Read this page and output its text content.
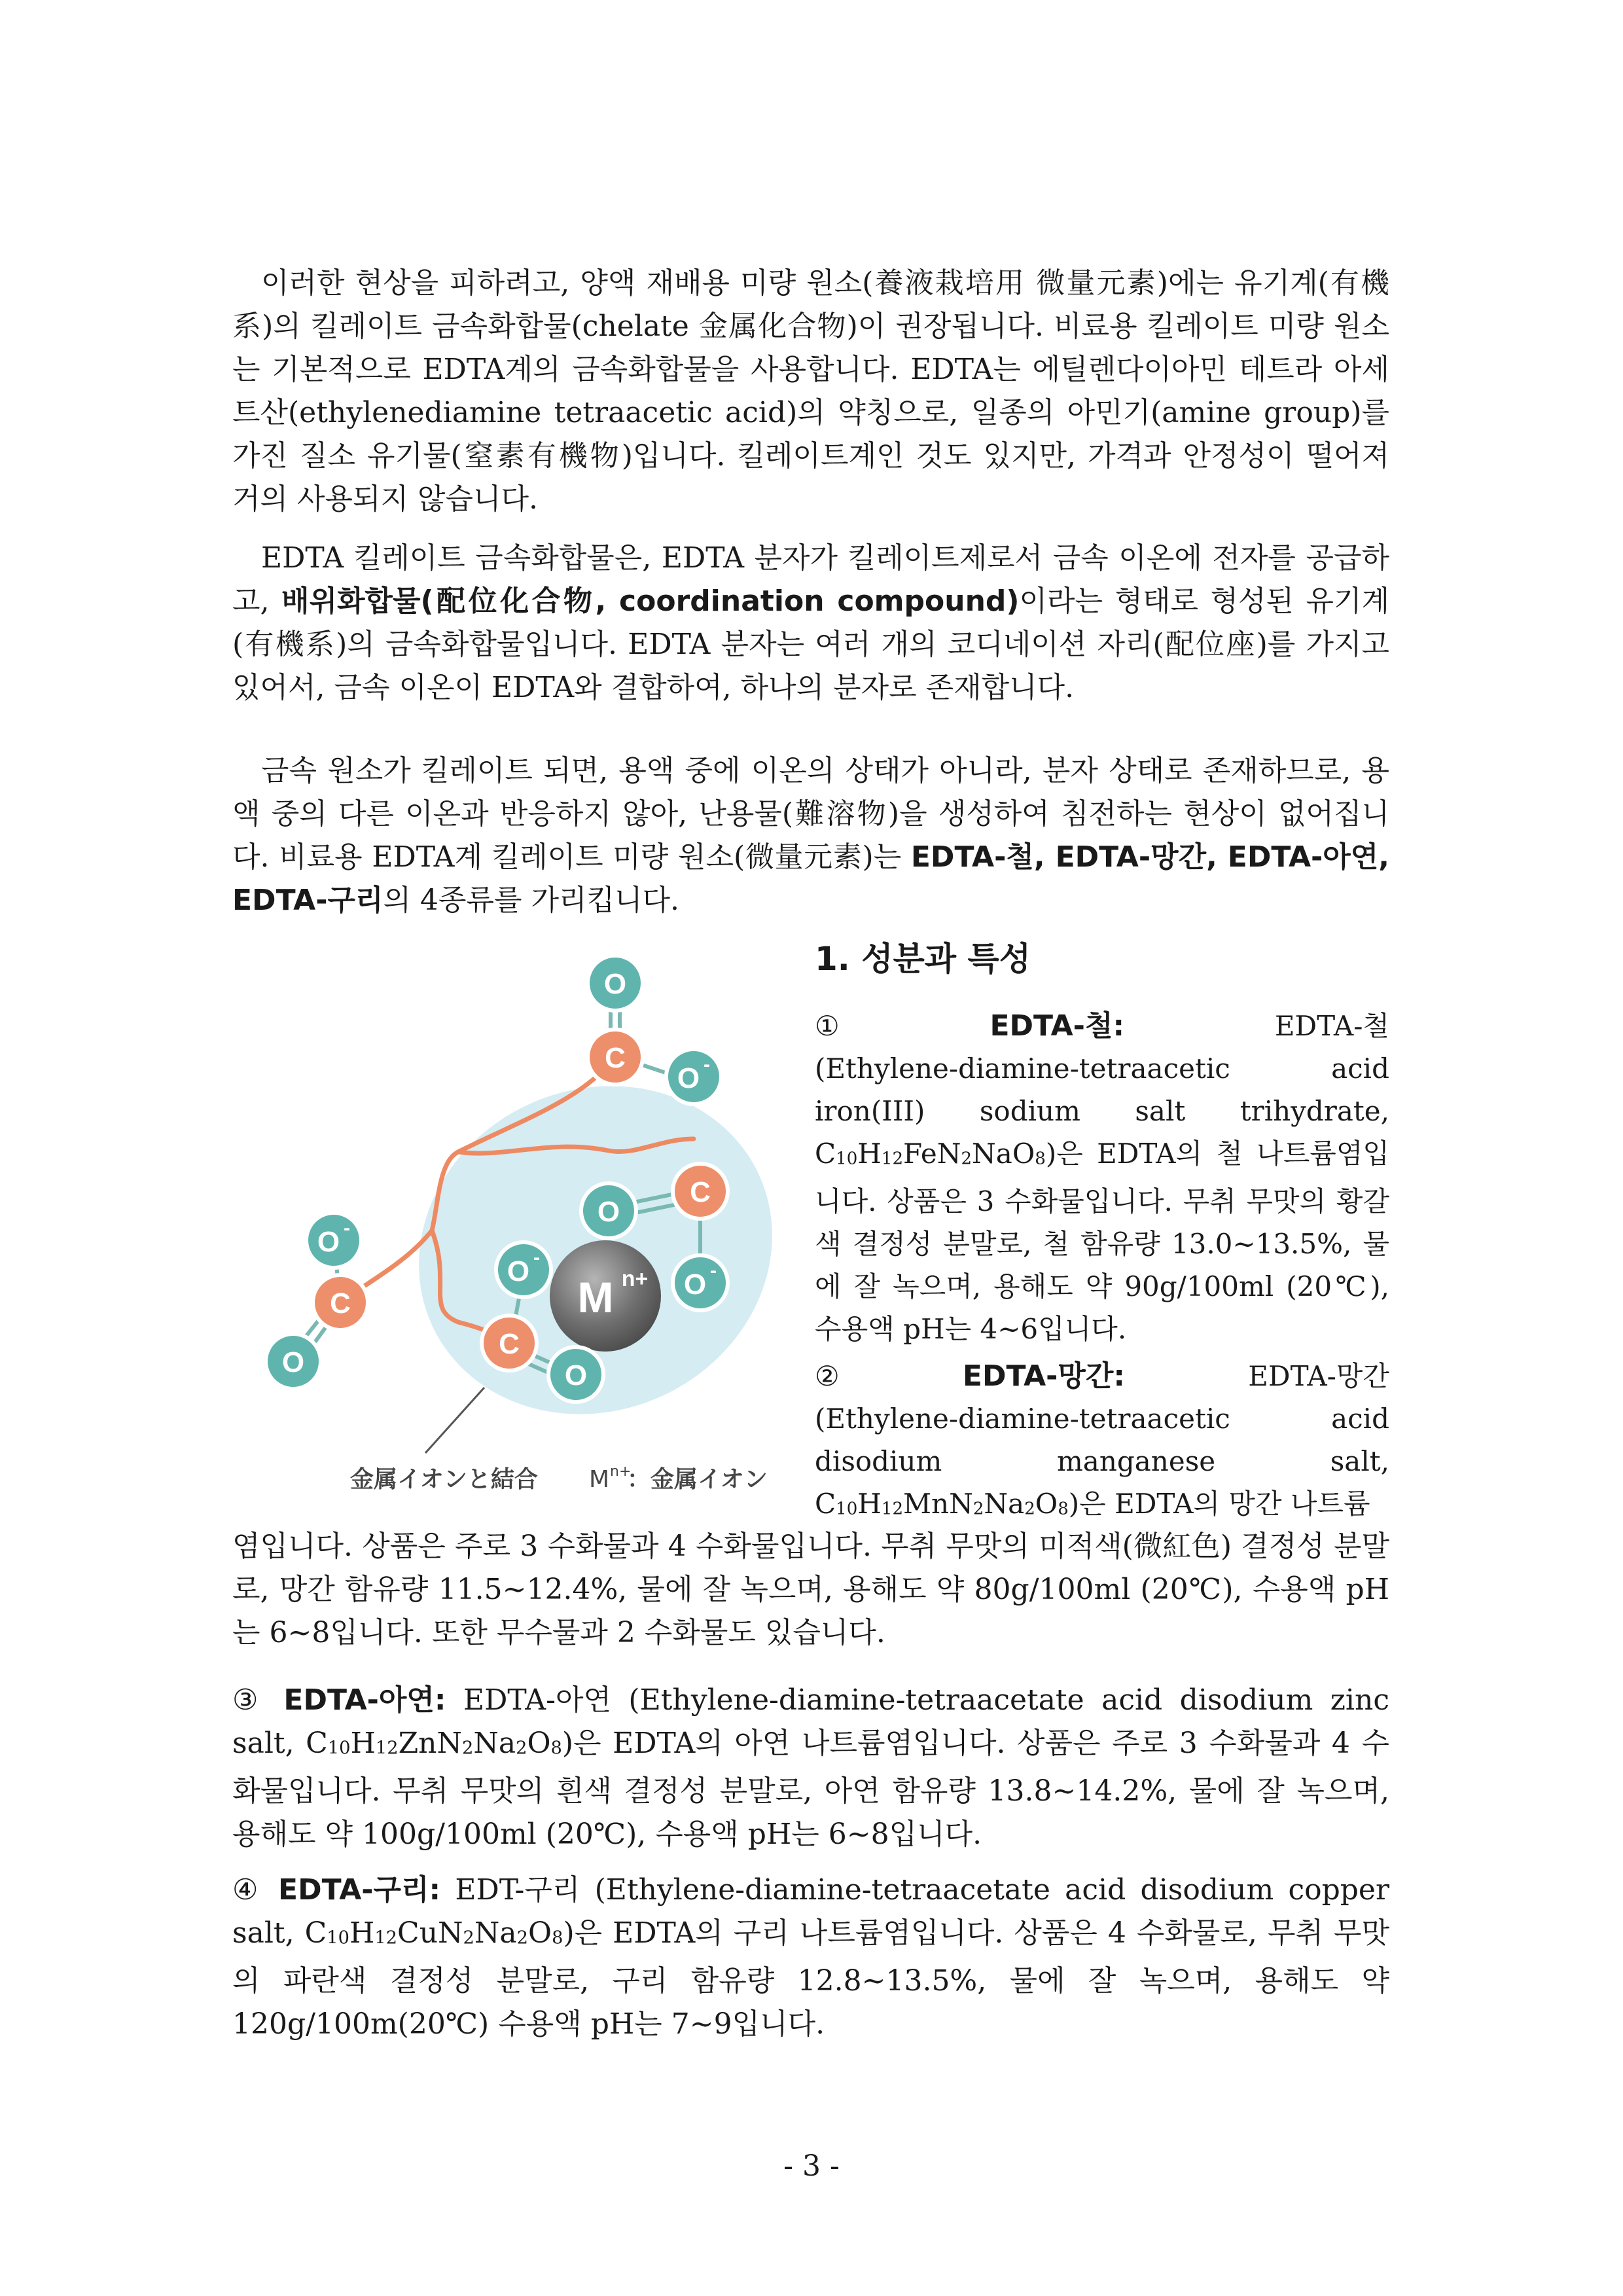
이러한 현상을 피하려고, 양액 재배용 미량 원소(養液栽培用 微量元素)에는 유기계(有機系)의 킬레이트 금속화합물(chelate 金属化合物)이 권장됩니다. 비료용 킬레이트 미량 원소는 기본적으로 EDTA계의 금속화합물을 사용합니다. EDTA는 에틸렌다이아민 테트라 아세트산(ethylenediamine tetraacetic acid)의 약칭으로, 일종의 아민기(amine group)를 가진 질소 유기물(窒素有機物)입니다. 킬레이트계인 것도 있지만, 가격과 안정성이 떨어져 거의 사용되지 않습니다.

EDTA 킬레이트 금속화합물은, EDTA 분자가 킬레이트제로서 금속 이온에 전자를 공급하고, 배위화합물(配位化合物, coordination compound)이라는 형태로 형성된 유기계(有機系)의 금속화합물입니다. EDTA 분자는 여러 개의 코디네이션 자리(配位座)를 가지고 있어서, 금속 이온이 EDTA와 결합하여, 하나의 분자로 존재합니다.

금속 원소가 킬레이트 되면, 용액 중에 이온의 상태가 아니라, 분자 상태로 존재하므로, 용액 중의 다른 이온과 반응하지 않아, 난용물(難溶物)을 생성하여 침전하는 현상이 없어집니다. 비료용 EDTA계 킬레이트 미량 원소(微量元素)는 EDTA-철, EDTA-망간, EDTA-아연, EDTA-구리의 4종류를 가리킵니다.

O
C
O -
C
O
O -
O -
M n+
O -
C
O
C
O
金属イオンと結合 M n+
：金属イオン
1. 성분과 특성
①	EDTA-철:	EDTA-철
(Ethylene-diamine-tetraacetic acid iron(III) sodium salt trihydrate, $C_{10}H_{12}FeN_2NaO_8$)은 EDTA의 철 나트륨염입니다. 상품은 3 수화물입니다. 무취 무맛의 황갈색 결정성 분말로, 철 함유량 13.0~13.5%, 물에 잘 녹으며, 용해도 약 90g/100ml (20℃), 수용액 pH는 4~6입니다.
②	EDTA-망간:	EDTA-망간
(Ethylene-diamine-tetraacetic	acid
disodium	manganese	salt,
$C_{10}H_{12}MnN_2Na_2O_8$)은 EDTA의 망간 나트륨

염입니다. 상품은 주로 3 수화물과 4 수화물입니다. 무취 무맛의 미적색(微紅色) 결정성 분말로, 망간 함유량 11.5~12.4%, 물에 잘 녹으며, 용해도 약 80g/100ml (20℃), 수용액 pH는 6~8입니다. 또한 무수물과 2 수화물도 있습니다.

③ EDTA-아연: EDTA-아연 (Ethylene-diamine-tetraacetate acid disodium zinc salt, $C_{10}H_{12}ZnN_2Na_2O_8$)은 EDTA의 아연 나트륨염입니다. 상품은 주로 3 수화물과 4 수화물입니다. 무취 무맛의 흰색 결정성 분말로, 아연 함유량 13.8~14.2%, 물에 잘 녹으며, 용해도 약 100g/100ml (20℃), 수용액 pH는 6~8입니다.

④ EDTA-구리: EDT-구리 (Ethylene-diamine-tetraacetate acid disodium copper salt, $C_{10}H_{12}CuN_2Na_2O_8$)은 EDTA의 구리 나트륨염입니다. 상품은 4 수화물로, 무취 무맛의 파란색 결정성 분말로, 구리 함유량 12.8~13.5%, 물에 잘 녹으며, 용해도 약 120g/100m(20℃) 수용액 pH는 7~9입니다.

- 3 -
